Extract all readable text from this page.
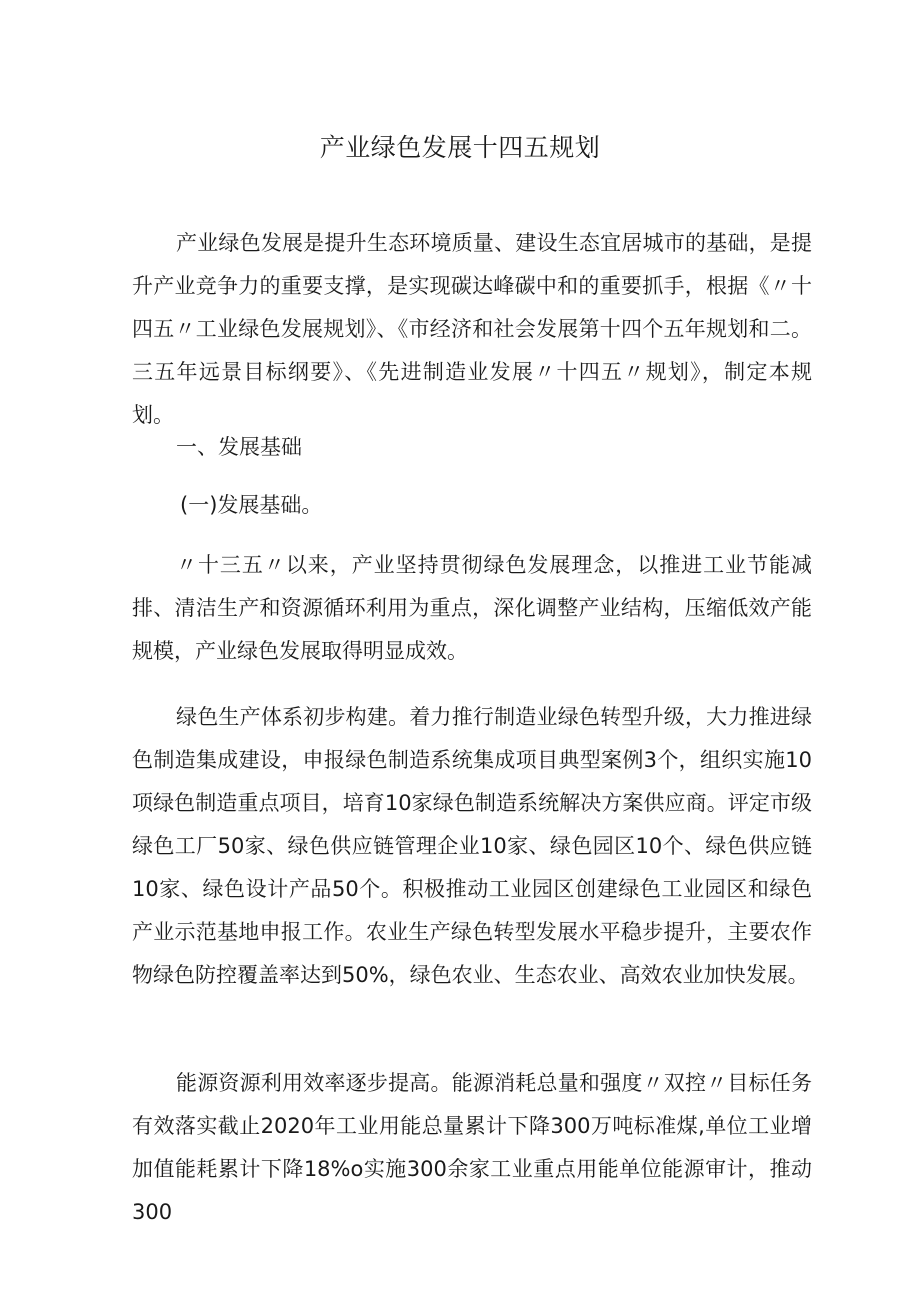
产业绿色发展十四五规划

产业绿色发展是提升生态环境质量、建设生态宜居城市的基础，是提升产业竞争力的重要支撑，是实现碳达峰碳中和的重要抓手，根据《〃十四五〃工业绿色发展规划》、《市经济和社会发展第十四个五年规划和二。三五年远景目标纲要》、《先进制造业发展〃十四五〃规划》，制定本规划。

一、发展基础
(一)发展基础。

〃十三五〃以来，产业坚持贯彻绿色发展理念，以推进工业节能减排、清洁生产和资源循环利用为重点，深化调整产业结构，压缩低效产能规模，产业绿色发展取得明显成效。

绿色生产体系初步构建。着力推行制造业绿色转型升级，大力推进绿色制造集成建设，申报绿色制造系统集成项目典型案例3个，组织实施10项绿色制造重点项目，培育10家绿色制造系统解决方案供应商。评定市级绿色工厂50家、绿色供应链管理企业10家、绿色园区10个、绿色供应链10家、绿色设计产品50个。积极推动工业园区创建绿色工业园区和绿色产业示范基地申报工作。农业生产绿色转型发展水平稳步提升，主要农作物绿色防控覆盖率达到50%，绿色农业、生态农业、高效农业加快发展。

能源资源利用效率逐步提高。能源消耗总量和强度〃双控〃目标任务有效落实截止2020年工业用能总量累计下降300万吨标准煤,单位工业增加值能耗累计下降18%o实施300余家工业重点用能单位能源审计，推动300
